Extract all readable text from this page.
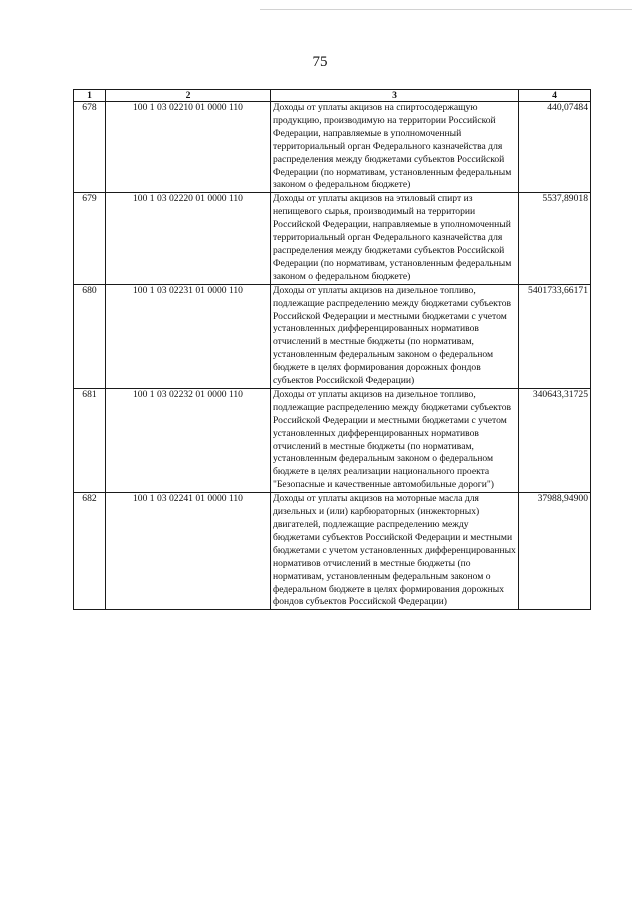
75
1	2	3	4
678	100 1 03 02210 01 0000 110	Доходы от уплаты акцизов на спиртосодержащую продукцию, производимую на территории Российской Федерации, направляемые в уполномоченный территориальный орган Федерального казначейства для распределения между бюджетами субъектов Российской Федерации (по нормативам, установленным федеральным законом о федеральном бюджете)	440,07484
679	100 1 03 02220 01 0000 110	Доходы от уплаты акцизов на этиловый спирт из непищевого сырья, производимый на территории Российской Федерации, направляемые в уполномоченный территориальный орган Федерального казначейства для распределения между бюджетами субъектов Российской Федерации (по нормативам, установленным федеральным законом о федеральном бюджете)	5537,89018
680	100 1 03 02231 01 0000 110	Доходы от уплаты акцизов на дизельное топливо, подлежащие распределению между бюджетами субъектов Российской Федерации и местными бюджетами с учетом установленных дифференцированных нормативов отчислений в местные бюджеты (по нормативам, установленным федеральным законом о федеральном бюджете в целях формирования дорожных фондов субъектов Российской Федерации)	5401733,66171
681	100 1 03 02232 01 0000 110	Доходы от уплаты акцизов на дизельное топливо, подлежащие распределению между бюджетами субъектов Российской Федерации и местными бюджетами с учетом установленных дифференцированных нормативов отчислений в местные бюджеты (по нормативам, установленным федеральным законом о федеральном бюджете в целях реализации национального проекта "Безопасные и качественные автомобильные дороги")	340643,31725
682	100 1 03 02241 01 0000 110	Доходы от уплаты акцизов на моторные масла для дизельных и (или) карбюраторных (инжекторных) двигателей, подлежащие распределению между бюджетами субъектов Российской Федерации и местными бюджетами с учетом установленных дифференцированных нормативов отчислений в местные бюджеты (по нормативам, установленным федеральным законом о федеральном бюджете в целях формирования дорожных фондов субъектов Российской Федерации)	37988,94900
